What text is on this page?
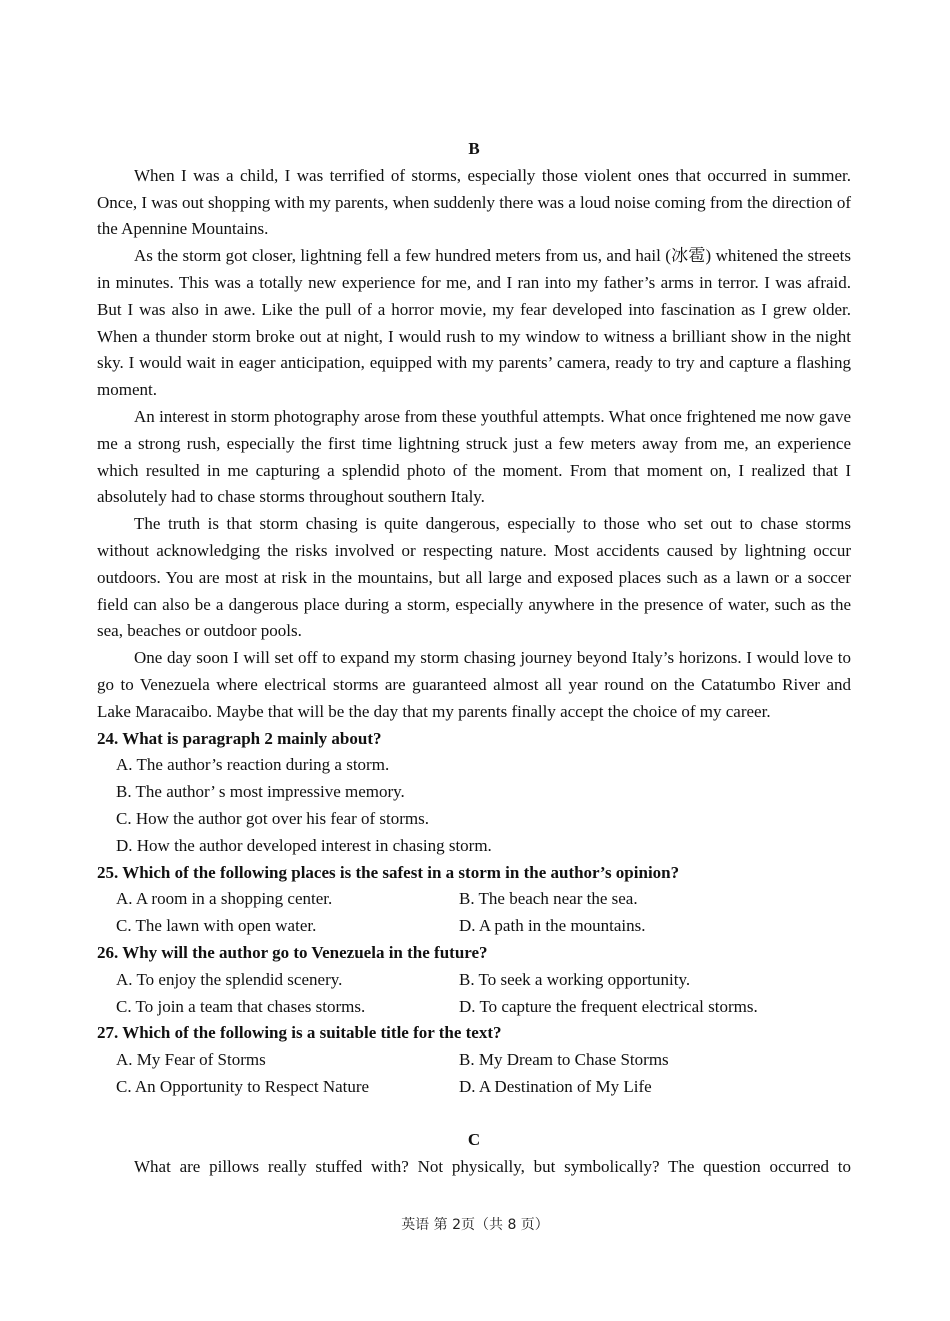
B

When I was a child, I was terrified of storms, especially those violent ones that occurred in summer. Once, I was out shopping with my parents, when suddenly there was a loud noise coming from the direction of the Apennine Mountains.

As the storm got closer, lightning fell a few hundred meters from us, and hail (冰雹) whitened the streets in minutes. This was a totally new experience for me, and I ran into my father’s arms in terror. I was afraid. But I was also in awe. Like the pull of a horror movie, my fear developed into fascination as I grew older. When a thunder storm broke out at night, I would rush to my window to witness a brilliant show in the night sky. I would wait in eager anticipation, equipped with my parents’ camera, ready to try and capture a flashing moment.

An interest in storm photography arose from these youthful attempts. What once frightened me now gave me a strong rush, especially the first time lightning struck just a few meters away from me, an experience which resulted in me capturing a splendid photo of the moment. From that moment on, I realized that I absolutely had to chase storms throughout southern Italy.

The truth is that storm chasing is quite dangerous, especially to those who set out to chase storms without acknowledging the risks involved or respecting nature. Most accidents caused by lightning occur outdoors. You are most at risk in the mountains, but all large and exposed places such as a lawn or a soccer field can also be a dangerous place during a storm, especially anywhere in the presence of water, such as the sea, beaches or outdoor pools.

One day soon I will set off to expand my storm chasing journey beyond Italy’s horizons. I would love to go to Venezuela where electrical storms are guaranteed almost all year round on the Catatumbo River and Lake Maracaibo. Maybe that will be the day that my parents finally accept the choice of my career.

24. What is paragraph 2 mainly about?

A. The author’s reaction during a storm.

B. The author’ s most impressive memory.

C. How the author got over his fear of storms.

D. How the author developed interest in chasing storm.

25. Which of the following places is the safest in a storm in the author’s opinion?

A. A room in a shopping center.	B. The beach near the sea.
C. The lawn with open water.	D. A path in the mountains.

26. Why will the author go to Venezuela in the future?

A. To enjoy the splendid scenery.	B. To seek a working opportunity.
C. To join a team that chases storms.	D. To capture the frequent electrical storms.

27. Which of the following is a suitable title for the text?

A. My Fear of Storms	B. My Dream to Chase Storms
C. An Opportunity to Respect Nature	D. A Destination of My Life
C

What are pillows really stuffed with? Not physically, but symbolically? The question occurred to

英语 第 2页（共 8 页）
